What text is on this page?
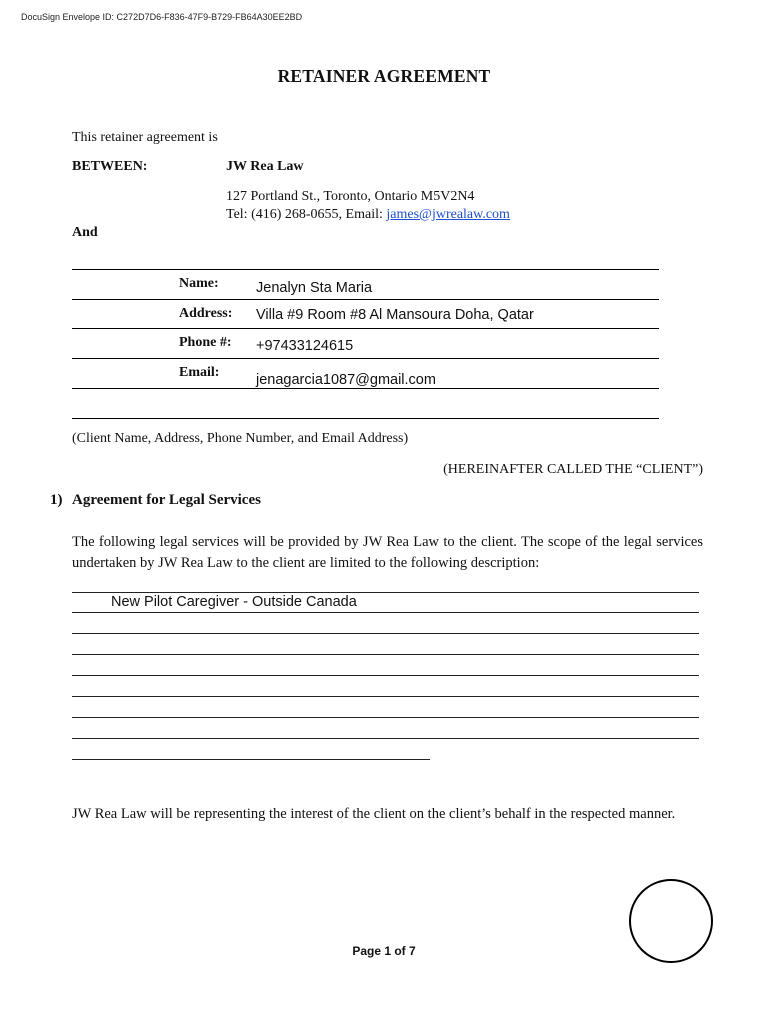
DocuSign Envelope ID: C272D7D6-F836-47F9-B729-FB64A30EE2BD
RETAINER AGREEMENT
This retainer agreement is
BETWEEN:	JW Rea Law
127 Portland St., Toronto, Ontario M5V2N4
Tel: (416) 268-0655, Email: james@jwrealaw.com
And
Name:	Jenalyn Sta Maria
Address: Villa #9 Room #8 Al Mansoura Doha, Qatar
Phone #: +97433124615
Email:	jenagarcia1087@gmail.com
(Client Name, Address, Phone Number, and Email Address)
(HEREINAFTER CALLED THE “CLIENT”)
1) Agreement for Legal Services
The following legal services will be provided by JW Rea Law to the client. The scope of the legal services undertaken by JW Rea Law to the client are limited to the following description:
New Pilot Caregiver - Outside Canada
JW Rea Law will be representing the interest of the client on the client’s behalf in the respected manner.
Page 1 of 7
